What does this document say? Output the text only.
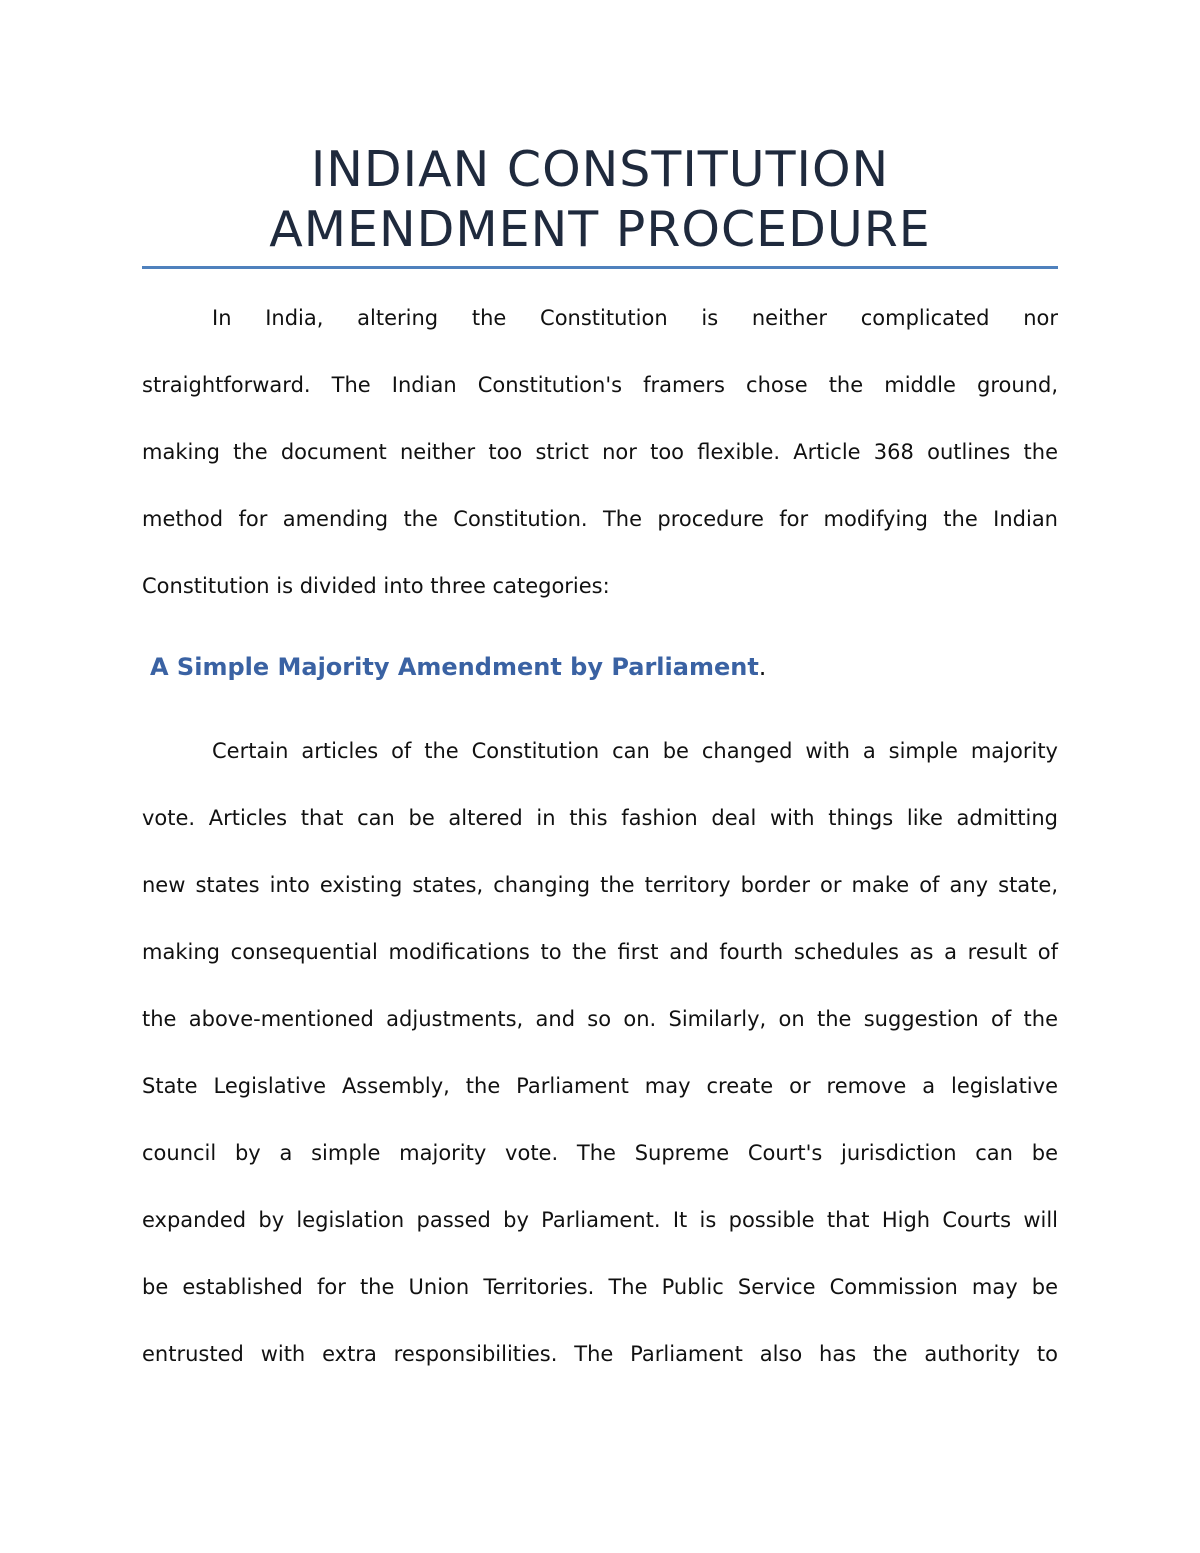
INDIAN CONSTITUTION
AMENDMENT PROCEDURE
In India, altering the Constitution is neither complicated nor
straightforward. The Indian Constitution's framers chose the middle ground,
making the document neither too strict nor too flexible. Article 368 outlines the
method for amending the Constitution. The procedure for modifying the Indian
Constitution is divided into three categories:
A Simple Majority Amendment by Parliament.
Certain articles of the Constitution can be changed with a simple majority
vote. Articles that can be altered in this fashion deal with things like admitting
new states into existing states, changing the territory border or make of any state,
making consequential modifications to the first and fourth schedules as a result of
the above-mentioned adjustments, and so on. Similarly, on the suggestion of the
State Legislative Assembly, the Parliament may create or remove a legislative
council by a simple majority vote. The Supreme Court's jurisdiction can be
expanded by legislation passed by Parliament. It is possible that High Courts will
be established for the Union Territories. The Public Service Commission may be
entrusted with extra responsibilities. The Parliament also has the authority to
